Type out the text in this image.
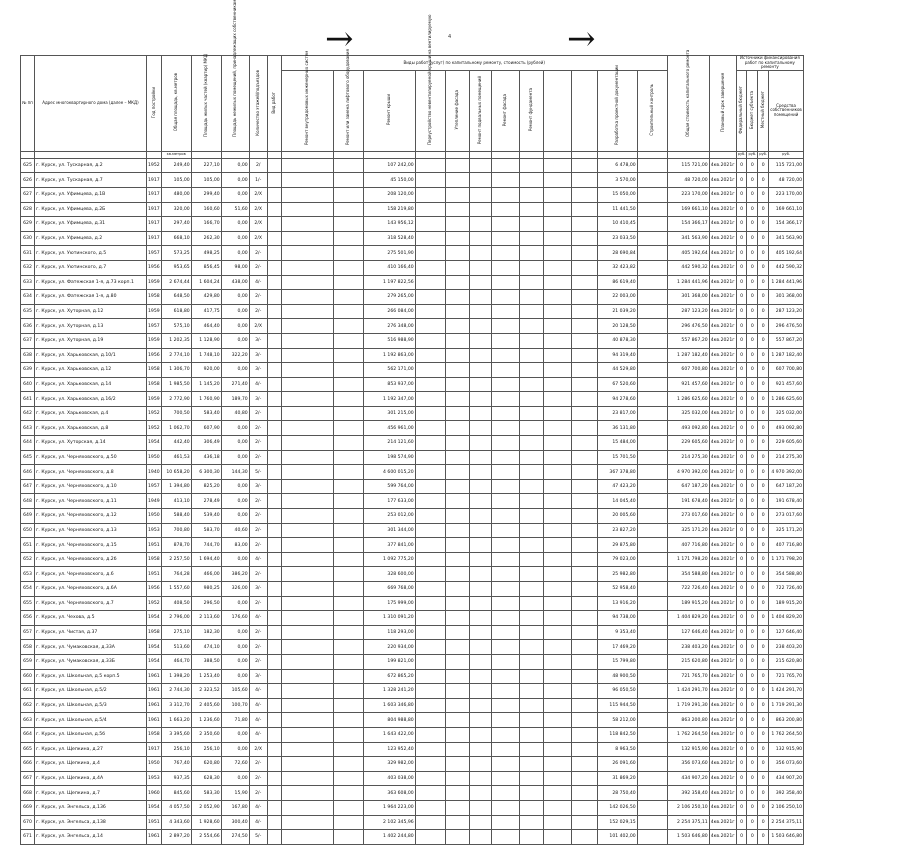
→	4	→
№ пп	Адрес многоквартирного дома (далее – МКД)	Год постройки	Общая площадь, кв.метров	Площадь жилых частей (квартир) МКД	Площадь нежилых помещений, принадлежащих собственникам	Количество этажей/подъездов	Вид работ	Виды работ (услуг) по капитальному ремонту, стоимость (рублей)												Общая стоимость капитального ремонта	Плановый срок завершения	Источники финансирования работ по капитальному ремонту			

								Ремонт внутридомовых инженерных систем	Ремонт или замена лифтового оборудования	Ремонт крыши	Переустройство невентилируемой крыши на вентилируемую	Утепление фасада	Ремонт подвальных помещений	Ремонт фасада	Ремонт фундамента			Разработка проектной документации	Строительный контроль			Федеральный бюджет	Бюджет субъекта	Местный бюджет	Средства собственников помещений

			кв.метров																			руб.	руб.	руб.	руб.
625	г. Курск, ул. Тускарная, д.2	1952	249,40	227,10	0,00	2/				107 242,00								6 478,00		115 721,00	4кв.2021г	0	0	0	115 721,00
626	г. Курск, ул. Тускарная, д.7	1917	105,00	105,00	0,00	1/-				45 150,00								3 570,00		48 720,00	4кв.2021г	0	0	0	48 720,00
627	г. Курск, ул. Уфимцева, д.1В	1917	480,00	299,40	0,00	2/Х				208 120,00								15 050,00		223 170,00	4кв.2021г	0	0	0	223 170,00
628	г. Курск, ул. Уфимцева, д.2Б	1917	320,00	160,60	51,60	2/Х				158 219,80								11 441,50		169 661,10	4кв.2021г	0	0	0	169 661,10
629	г. Курск, ул. Уфимцева, д.31	1917	297,40	166,70	0,00	2/Х				143 956,12								10 410,45		154 366,17	4кв.2021г	0	0	0	154 366,17
630	г. Курск, ул. Уфимцева, д.2	1917	668,10	262,30	0,00	2/Х				318 528,40								23 033,50		341 563,90	4кв.2021г	0	0	0	341 563,90
631	г. Курск, ул. Уютинского, д.5	1957	573,25	498,25	0,00	2/-				275 501,90								28 690,84		405 192,64	4кв.2021г	0	0	0	405 192,64
632	г. Курск, ул. Уютинского, д.7	1956	953,65	856,45	98,00	2/-				410 166,40								32 423,82		442 590,32	4кв.2021г	0	0	0	442 590,32
633	г. Курск, ул. Фатежская 1-я, д.73 корп.1	1959	2 674,44	1 604,24	438,00	4/-				1 197 822,56								86 619,40		1 284 441,96	4кв.2021г	0	0	0	1 284 441,96
634	г. Курск, ул. Фатежская 1-я, д.80	1958	648,50	429,80	0,00	2/-				279 265,00								22 003,00		301 368,00	4кв.2021г	0	0	0	301 368,00
635	г. Курск, ул. Хуторная, д.12	1959	618,80	417,75	0,00	2/-				266 084,00								21 039,20		287 123,20	4кв.2021г	0	0	0	287 123,20
636	г. Курск, ул. Хуторная, д.13	1957	575,10	464,40	0,00	2/Х				276 348,00								20 128,50		296 476,50	4кв.2021г	0	0	0	296 476,50
637	г. Курск, ул. Хуторная, д.19	1959	1 202,35	1 128,90	0,00	3/-				516 988,90								40 878,30		557 867,20	4кв.2021г	0	0	0	557 867,20
638	г. Курск, ул. Харьковская, д.10/1	1956	2 774,10	1 748,10	322,20	3/-				1 192 863,00								94 319,40		1 287 182,40	4кв.2021г	0	0	0	1 287 182,40
639	г. Курск, ул. Харьковская, д.12	1958	1 306,70	920,00	0,00	3/-				562 171,00								44 529,80		607 700,80	4кв.2021г	0	0	0	607 700,80
640	г. Курск, ул. Харьковская, д.14	1958	1 985,50	1 145,20	271,40	4/-				853 937,00								67 520,60		921 457,60	4кв.2021г	0	0	0	921 457,60
641	г. Курск, ул. Харьковская, д.16/2	1959	2 772,90	1 760,90	189,70	3/-				1 192 347,00								94 278,60		1 286 625,60	4кв.2021г	0	0	0	1 286 625,60
642	г. Курск, ул. Харьковская, д.4	1952	700,50	583,40	40,80	2/-				301 215,00								23 817,00		325 032,00	4кв.2021г	0	0	0	325 032,00
643	г. Курск, ул. Харьковская, д.8	1952	1 062,70	607,90	0,00	2/-				456 961,00								36 131,80		493 092,80	4кв.2021г	0	0	0	493 092,80
644	г. Курск, ул. Хуторская, д.14	1954	442,40	306,49	0,00	2/-				214 121,60								15 484,00		229 605,60	4кв.2021г	0	0	0	229 605,60
645	г. Курск, ул. Черняховского, д.50	1950	461,53	436,18	0,00	2/-				198 574,90								15 701,50		214 275,30	4кв.2021г	0	0	0	214 275,30
646	г. Курск, ул. Черняховского, д.8	1940	10 658,20	6 300,30	144,30	5/-				4 600 015,20								367 378,80		4 970 392,00	4кв.2021г	0	0	0	4 970 392,00
647	г. Курск, ул. Черняховского, д.10	1957	1 394,80	825,20	0,00	3/-				599 764,00								47 423,20		647 187,20	4кв.2021г	0	0	0	647 187,20
648	г. Курск, ул. Черняховского, д.11	1949	413,10	278,49	0,00	2/-				177 633,00								14 045,40		191 678,40	4кв.2021г	0	0	0	191 678,40
649	г. Курск, ул. Черняховского, д.12	1950	588,40	539,40	0,00	2/-				253 012,00								20 005,60		273 017,60	4кв.2021г	0	0	0	273 017,60
650	г. Курск, ул. Черняховского, д.13	1953	700,80	583,70	40,60	2/-				301 344,00								23 827,20		325 171,20	4кв.2021г	0	0	0	325 171,20
651	г. Курск, ул. Черняховского, д.15	1951	878,70	744,70	83,00	2/-				377 841,00								29 875,80		407 716,80	4кв.2021г	0	0	0	407 716,80
652	г. Курск, ул. Черняховского, д.2б	1958	2 257,50	1 694,40	0,00	4/-				1 092 775,20								79 023,00		1 171 798,20	4кв.2021г	0	0	0	1 171 798,20
653	г. Курск, ул. Черняховского, д.6	1951	764,28	466,00	386,20	2/-				328 600,00								25 982,80		354 588,80	4кв.2021г	0	0	0	354 588,80
654	г. Курск, ул. Черняховского, д.6А	1956	1 557,60	980,25	326,00	3/-				669 768,00								52 958,40		722 726,40	4кв.2021г	0	0	0	722 726,40
655	г. Курск, ул. Черняховского, д.7	1952	408,50	296,50	0,00	2/-				175 999,00								13 916,20		189 915,20	4кв.2021г	0	0	0	189 915,20
656	г. Курск, ул. Чехова, д.5	1954	2 796,00	2 113,60	176,60	4/-				1 310 091,20								94 738,00		1 404 829,20	4кв.2021г	0	0	0	1 404 829,20
657	г. Курск, ул. Чистая, д.37	1958	275,10	182,30	0,00	2/-				118 293,00								9 353,40		127 646,40	4кв.2021г	0	0	0	127 646,40
658	г. Курск, ул. Чумаковская, д.33А	1954	513,60	474,10	0,00	2/-				220 934,00								17 469,20		238 403,20	4кв.2021г	0	0	0	238 403,20
659	г. Курск, ул. Чумаковская, д.33Б	1954	464,70	388,50	0,00	2/-				199 821,00								15 799,80		215 620,80	4кв.2021г	0	0	0	215 620,80
660	г. Курск, ул. Школьная, д.5 корп.5	1961	1 398,20	1 253,40	0,00	3/-				672 865,20								48 900,50		721 765,70	4кв.2021г	0	0	0	721 765,70
661	г. Курск, ул. Школьная, д.5/2	1961	2 744,30	2 323,52	105,60	4/-				1 328 241,20								96 050,50		1 424 291,70	4кв.2021г	0	0	0	1 424 291,70
662	г. Курск, ул. Школьная, д.5/3	1961	3 312,70	2 405,60	100,70	4/-				1 603 346,80								115 944,50		1 719 291,30	4кв.2021г	0	0	0	1 719 291,30
663	г. Курск, ул. Школьная, д.5/4	1961	1 663,20	1 236,60	71,80	4/-				804 988,80								58 212,00		863 200,80	4кв.2021г	0	0	0	863 200,80
664	г. Курск, ул. Школьная, д.5б	1958	3 395,60	2 350,60	0,00	4/-				1 643 422,00								118 842,50		1 762 264,50	4кв.2021г	0	0	0	1 762 264,50
665	г. Курск, ул. Щепкина, д.27	1917	256,10	256,10	0,00	2/Х				123 952,40								8 963,50		132 915,90	4кв.2021г	0	0	0	132 915,90
666	г. Курск, ул. Щепкина, д.4	1950	767,40	620,80	72,60	2/-				329 982,00								26 091,60		356 073,60	4кв.2021г	0	0	0	356 073,60
667	г. Курск, ул. Щепкина, д.4А	1953	937,35	628,30	0,00	2/-				403 038,00								31 869,20		434 907,20	4кв.2021г	0	0	0	434 907,20
668	г. Курск, ул. Щепкина, д.7	1960	845,60	583,30	15,90	2/-				363 608,00								28 750,40		392 358,40	4кв.2021г	0	0	0	392 358,40
669	г. Курск, ул. Энгельса, д.136	1954	4 057,50	2 052,90	167,80	4/-				1 964 223,00								142 026,50		2 106 250,10	4кв.2021г	0	0	0	2 106 250,10
670	г. Курск, ул. Энгельса, д.138	1951	4 343,60	1 928,60	300,40	4/-				2 102 345,96								152 029,15		2 254 375,11	4кв.2021г	0	0	0	2 254 375,11
671	г. Курск, ул. Энгельса, д.14	1961	2 897,20	2 554,66	274,50	5/-				1 402 244,80								101 402,00		1 503 646,80	4кв.2021г	0	0	0	1 503 646,80
